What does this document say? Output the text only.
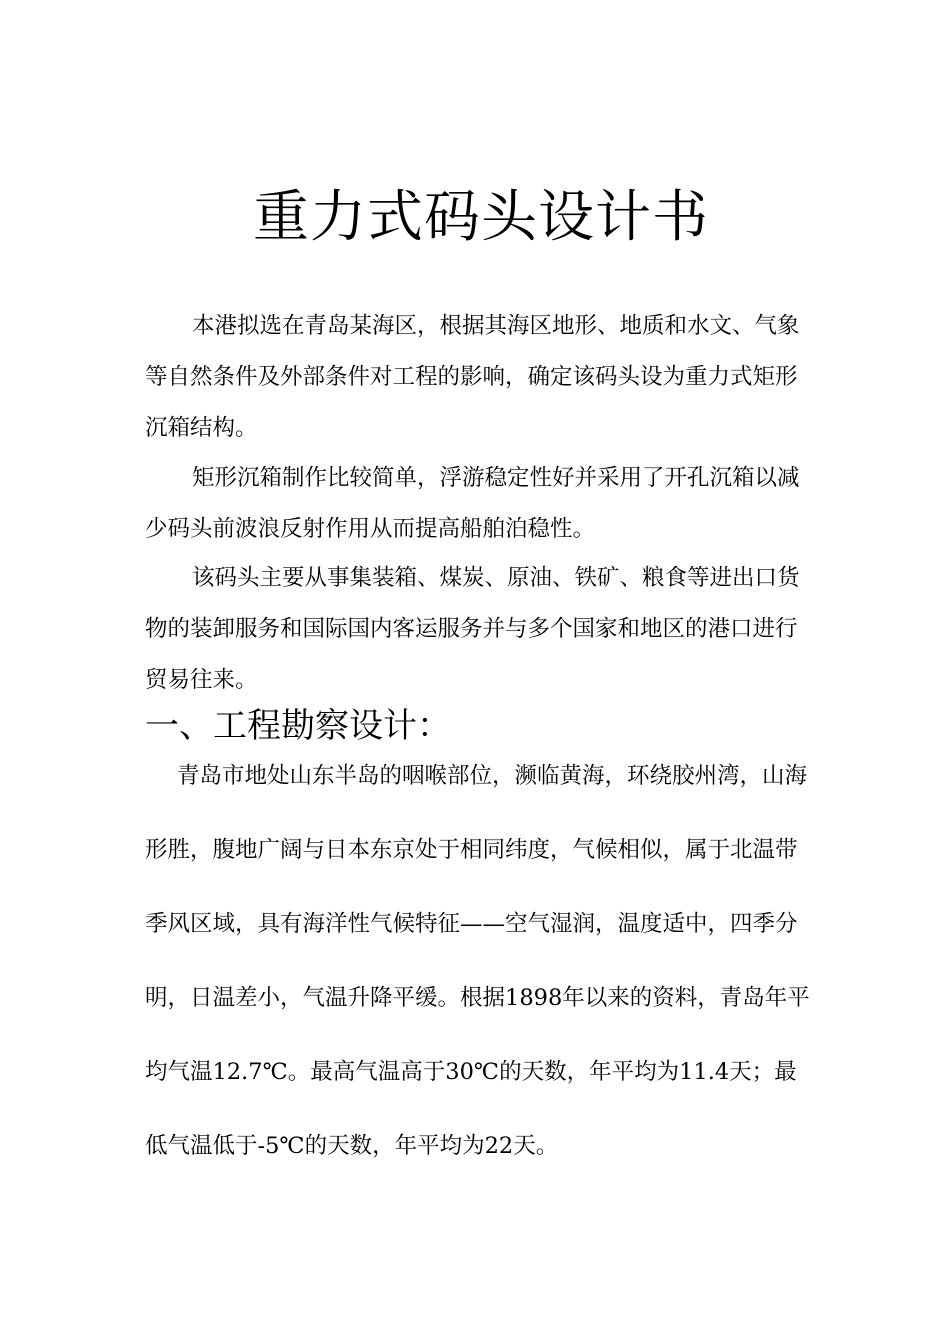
重力式码头设计书

本港拟选在青岛某海区，根据其海区地形、地质和水文、气象等自然条件及外部条件对工程的影响，确定该码头设为重力式矩形沉箱结构。

矩形沉箱制作比较简单，浮游稳定性好并采用了开孔沉箱以减少码头前波浪反射作用从而提高船舶泊稳性。

该码头主要从事集装箱、煤炭、原油、铁矿、粮食等进出口货物的装卸服务和国际国内客运服务并与多个国家和地区的港口进行贸易往来。

一、工程勘察设计：

青岛市地处山东半岛的咽喉部位，濒临黄海，环绕胶州湾，山海形胜，腹地广阔与日本东京处于相同纬度，气候相似，属于北温带季风区域，具有海洋性气候特征——空气湿润，温度适中，四季分明，日温差小，气温升降平缓。根据1898年以来的资料，青岛年平均气温12.7℃。最高气温高于30℃的天数，年平均为11.4天；最低气温低于-5℃的天数，年平均为22天。
